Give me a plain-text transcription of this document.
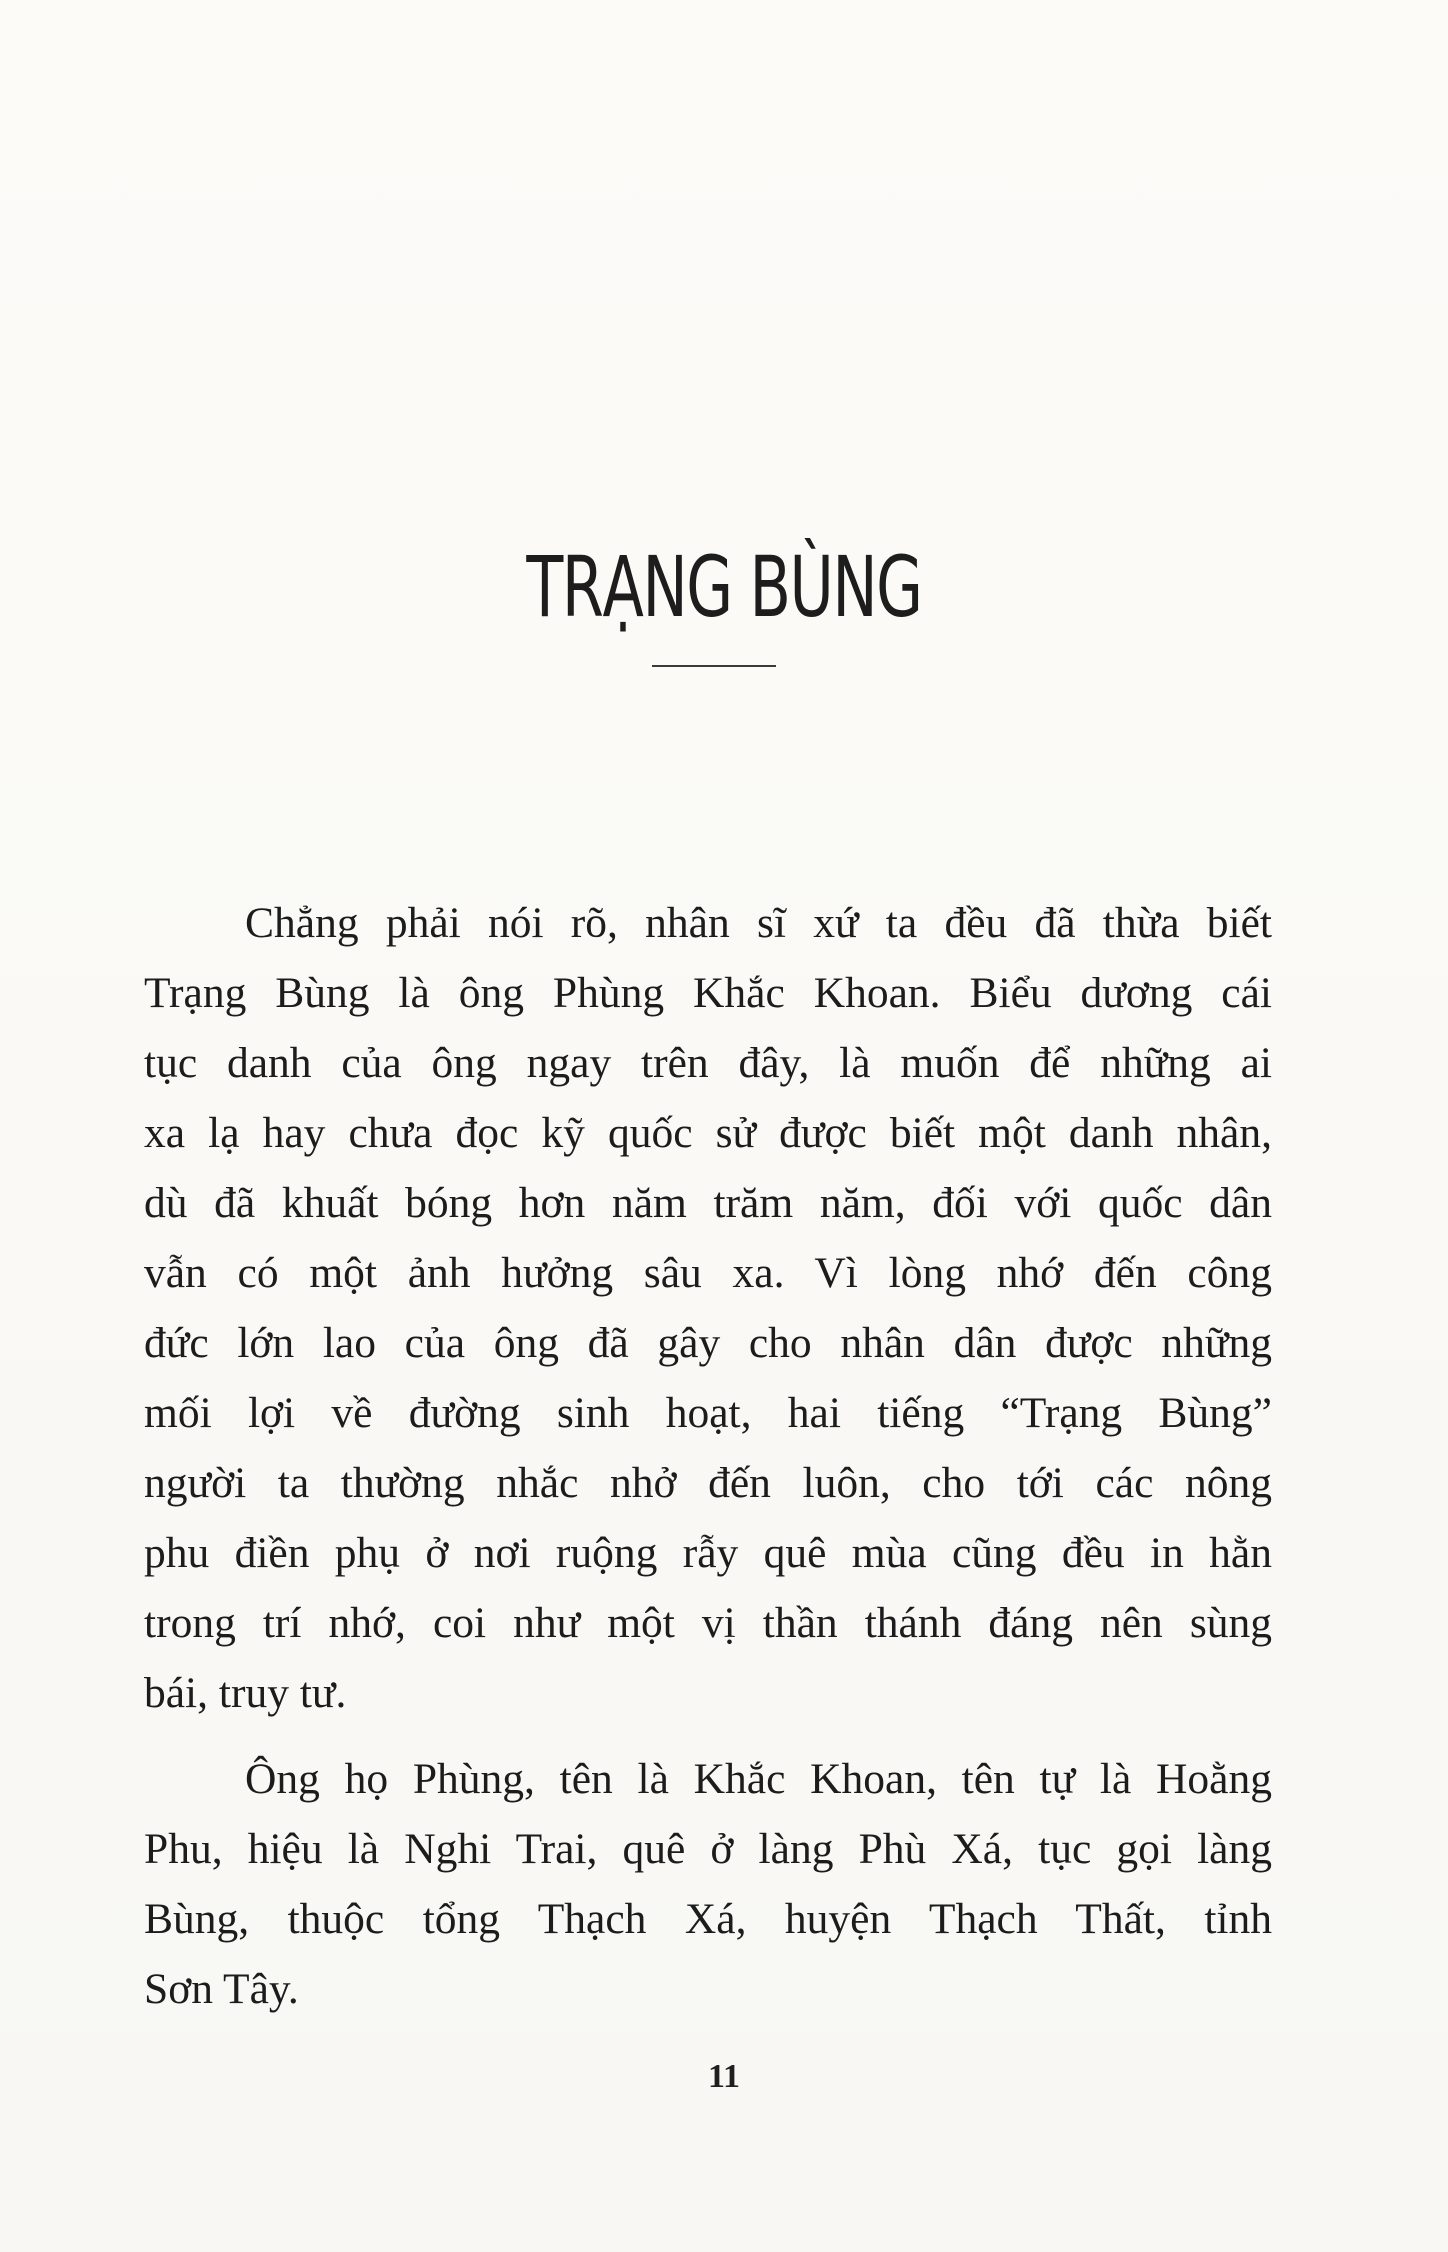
TRẠNG BÙNG
Chẳng phải nói rõ, nhân sĩ xứ ta đều đã thừa biết
Trạng Bùng là ông Phùng Khắc Khoan. Biểu dương cái
tục danh của ông ngay trên đây, là muốn để những ai
xa lạ hay chưa đọc kỹ quốc sử được biết một danh nhân,
dù đã khuất bóng hơn năm trăm năm, đối với quốc dân
vẫn có một ảnh hưởng sâu xa. Vì lòng nhớ đến công
đức lớn lao của ông đã gây cho nhân dân được những
mối lợi về đường sinh hoạt, hai tiếng “Trạng Bùng”
người ta thường nhắc nhở đến luôn, cho tới các nông
phu điền phụ ở nơi ruộng rẫy quê mùa cũng đều in hằn
trong trí nhớ, coi như một vị thần thánh đáng nên sùng
bái, truy tư.
Ông họ Phùng, tên là Khắc Khoan, tên tự là Hoằng
Phu, hiệu là Nghi Trai, quê ở làng Phù Xá, tục gọi làng
Bùng, thuộc tổng Thạch Xá, huyện Thạch Thất, tỉnh
Sơn Tây.
11
